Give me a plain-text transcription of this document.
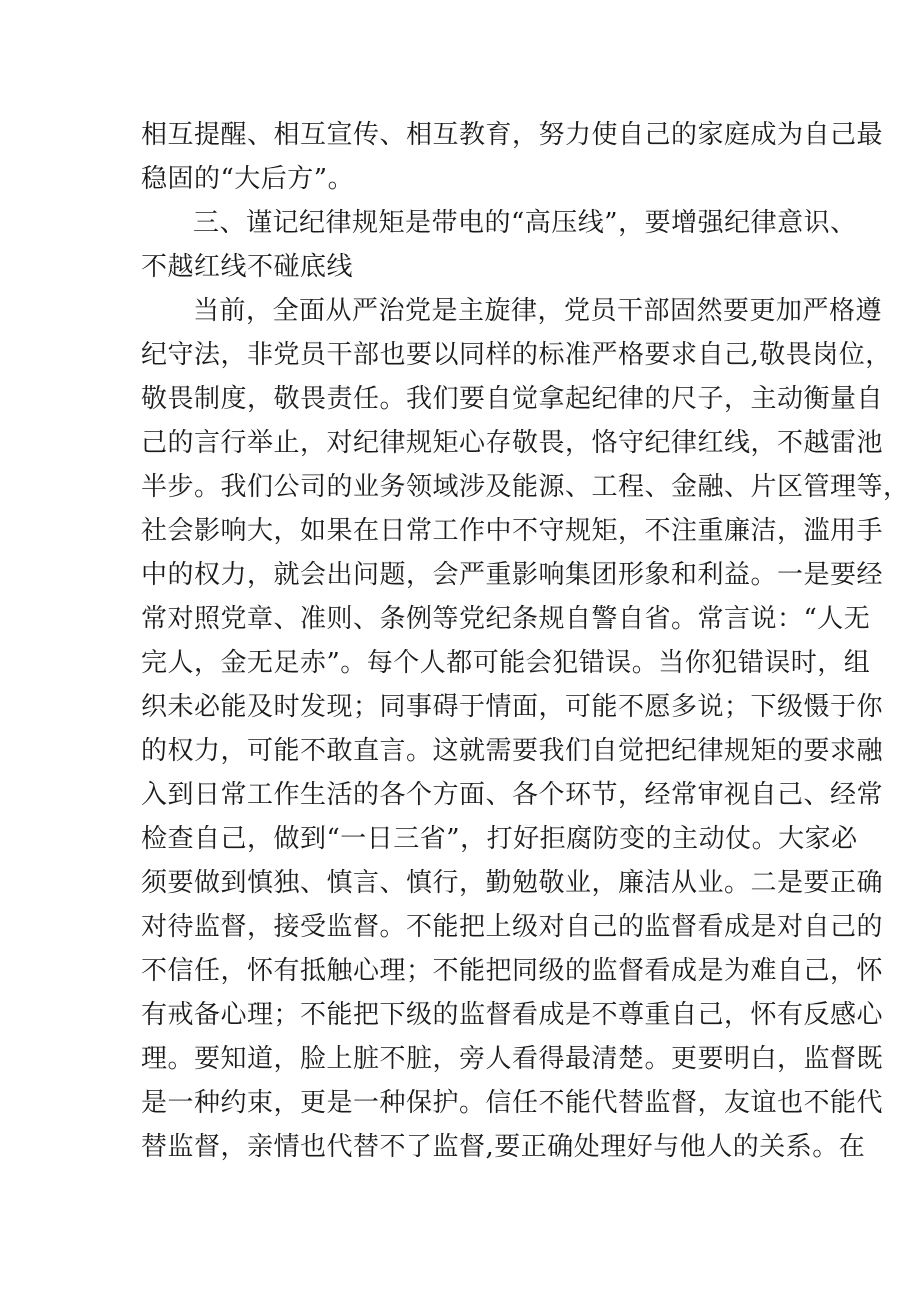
相互提醒、相互宣传、相互教育，努力使自己的家庭成为自己最
稳固的“大后方”。
三、谨记纪律规矩是带电的“高压线”，要增强纪律意识、
不越红线不碰底线
当前，全面从严治党是主旋律，党员干部固然要更加严格遵
纪守法，非党员干部也要以同样的标准严格要求自己,敬畏岗位，
敬畏制度，敬畏责任。我们要自觉拿起纪律的尺子，主动衡量自
己的言行举止，对纪律规矩心存敬畏，恪守纪律红线，不越雷池
半步。我们公司的业务领域涉及能源、工程、金融、片区管理等，
社会影响大，如果在日常工作中不守规矩，不注重廉洁，滥用手
中的权力，就会出问题，会严重影响集团形象和利益。一是要经
常对照党章、准则、条例等党纪条规自警自省。常言说：“人无
完人，金无足赤”。每个人都可能会犯错误。当你犯错误时，组
织未必能及时发现；同事碍于情面，可能不愿多说；下级慑于你
的权力，可能不敢直言。这就需要我们自觉把纪律规矩的要求融
入到日常工作生活的各个方面、各个环节，经常审视自己、经常
检查自己，做到“一日三省”，打好拒腐防变的主动仗。大家必
须要做到慎独、慎言、慎行，勤勉敬业，廉洁从业。二是要正确
对待监督，接受监督。不能把上级对自己的监督看成是对自己的
不信任，怀有抵触心理；不能把同级的监督看成是为难自己，怀
有戒备心理；不能把下级的监督看成是不尊重自己，怀有反感心
理。要知道，脸上脏不脏，旁人看得最清楚。更要明白，监督既
是一种约束，更是一种保护。信任不能代替监督，友谊也不能代
替监督，亲情也代替不了监督,要正确处理好与他人的关系。在
